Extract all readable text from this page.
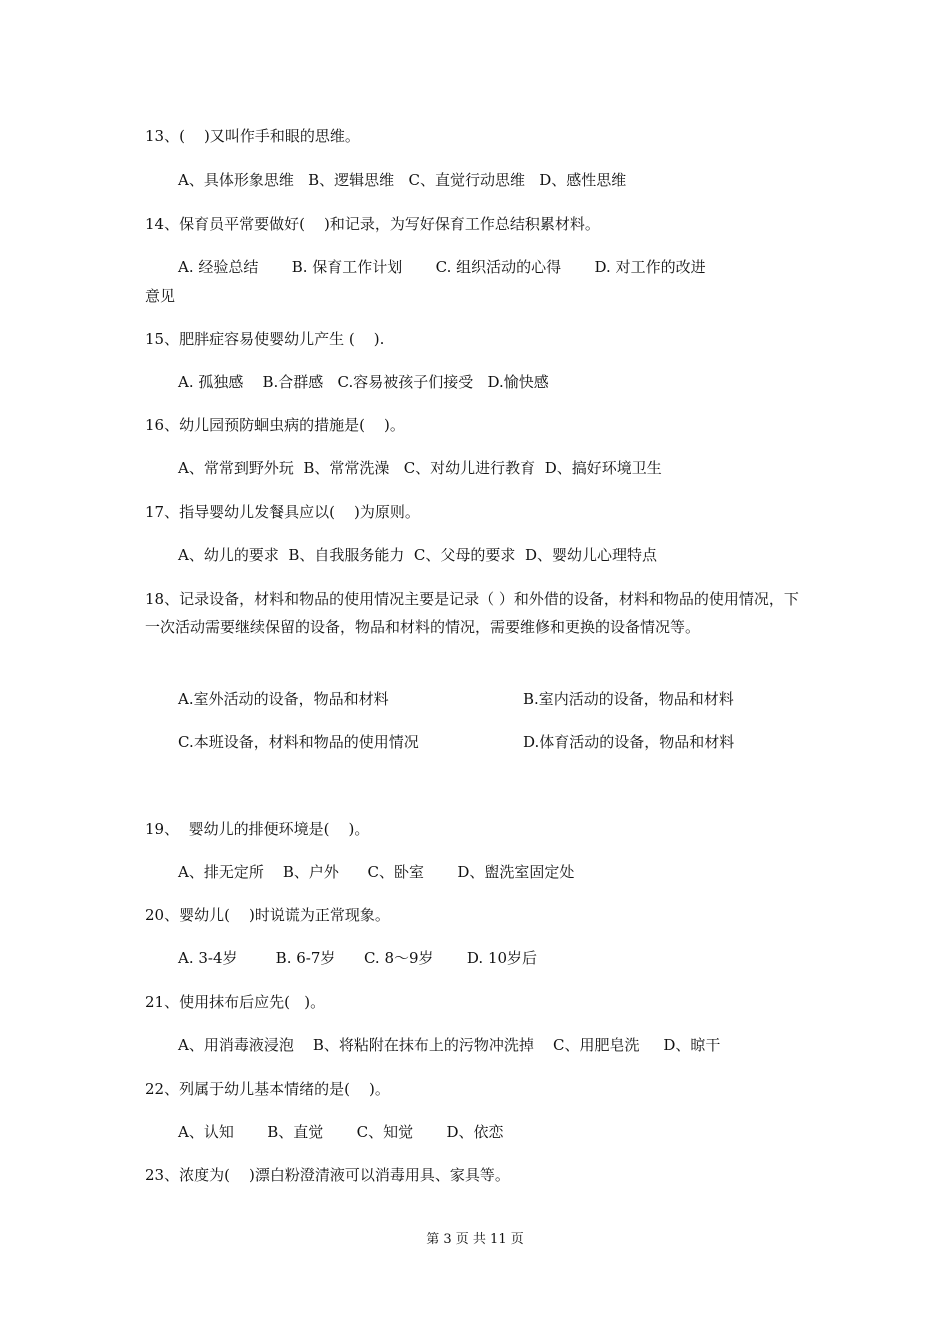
13、(    )又叫作手和眼的思维。
A、具体形象思维   B、逻辑思维   C、直觉行动思维   D、感性思维
14、保育员平常要做好(    )和记录，为写好保育工作总结积累材料。
A. 经验总结       B. 保育工作计划       C. 组织活动的心得       D. 对工作的改进
意见
15、肥胖症容易使婴幼儿产生 (    ).
A. 孤独感    B.合群感   C.容易被孩子们接受   D.愉快感
16、幼儿园预防蛔虫病的措施是(    )。
A、常常到野外玩  B、常常洗澡   C、对幼儿进行教育  D、搞好环境卫生
17、指导婴幼儿发餐具应以(    )为原则。
A、幼儿的要求  B、自我服务能力  C、父母的要求  D、婴幼儿心理特点
18、记录设备，材料和物品的使用情况主要是记录（ ）和外借的设备，材料和物品的使用情况，下一次活动需要继续保留的设备，物品和材料的情况，需要维修和更换的设备情况等。
A.室外活动的设备，物品和材料	B.室内活动的设备，物品和材料
C.本班设备，材料和物品的使用情况	D.体育活动的设备，物品和材料
19、  婴幼儿的排便环境是(    )。
A、排无定所    B、户外      C、卧室       D、盥洗室固定处
20、婴幼儿(    )时说谎为正常现象。
A. 3-4岁        B. 6-7岁      C. 8～9岁       D. 10岁后
21、使用抹布后应先(   )。
A、用消毒液浸泡    B、将粘附在抹布上的污物冲洗掉    C、用肥皂洗     D、晾干
22、列属于幼儿基本情绪的是(    )。
A、认知       B、直觉       C、知觉       D、依恋
23、浓度为(    )漂白粉澄清液可以消毒用具、家具等。
第 3 页 共 11 页
